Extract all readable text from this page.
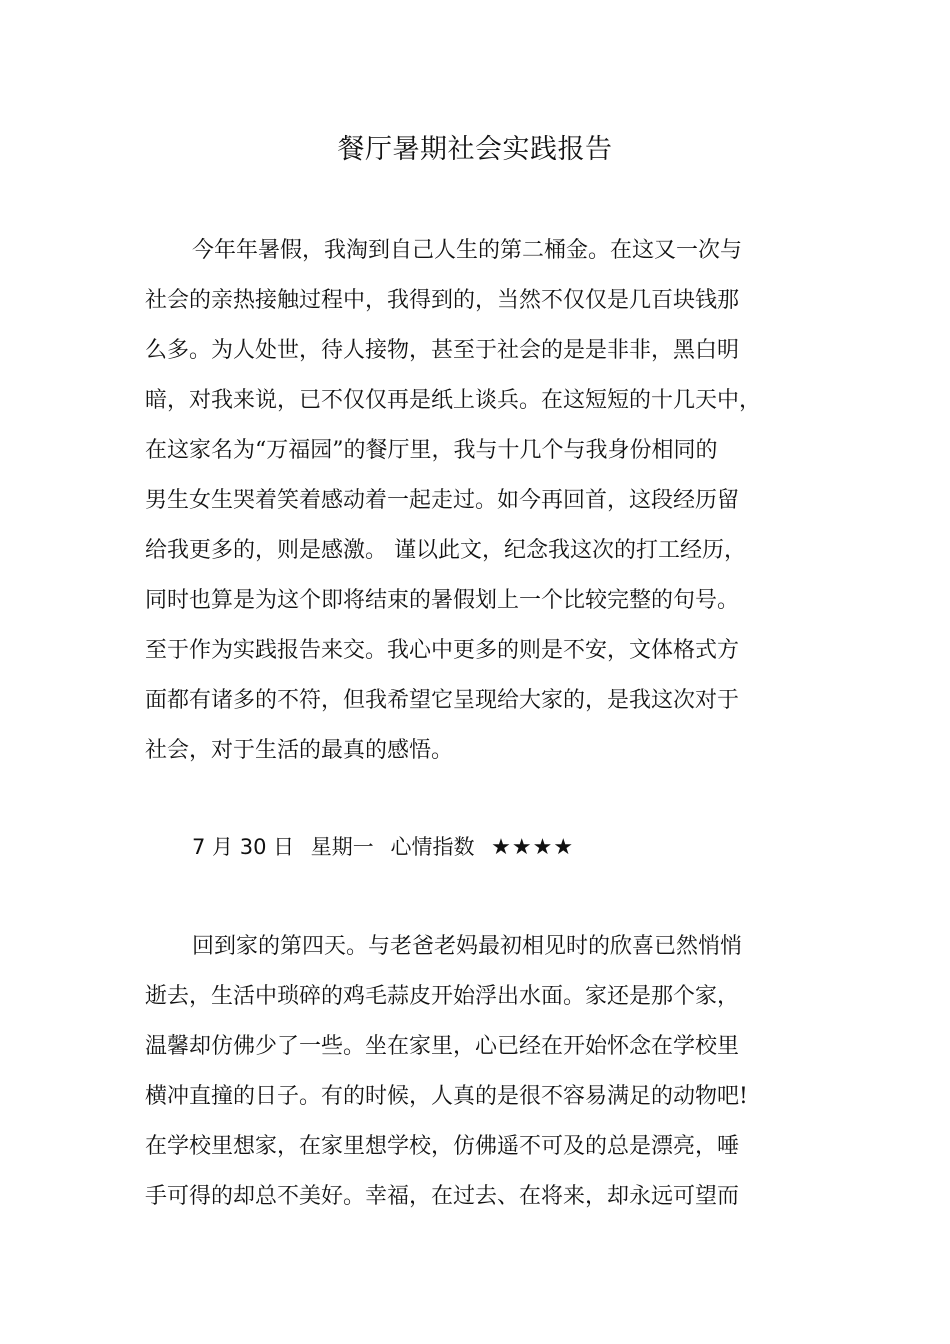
餐厅暑期社会实践报告
今年年暑假，我淘到自己人生的第二桶金。在这又一次与
社会的亲热接触过程中，我得到的，当然不仅仅是几百块钱那
么多。为人处世，待人接物，甚至于社会的是是非非，黑白明
暗，对我来说，已不仅仅再是纸上谈兵。在这短短的十几天中，
在这家名为“万福园”的餐厅里，我与十几个与我身份相同的
男生女生哭着笑着感动着一起走过。如今再回首，这段经历留
给我更多的，则是感激。 谨以此文，纪念我这次的打工经历，
同时也算是为这个即将结束的暑假划上一个比较完整的句号。
至于作为实践报告来交。我心中更多的则是不安，文体格式方
面都有诸多的不符，但我希望它呈现给大家的，是我这次对于
社会，对于生活的最真的感悟。

7 月 30 日 星期一 心情指数 ★★★★

回到家的第四天。与老爸老妈最初相见时的欣喜已然悄悄
逝去，生活中琐碎的鸡毛蒜皮开始浮出水面。家还是那个家，
温馨却仿佛少了一些。坐在家里，心已经在开始怀念在学校里
横冲直撞的日子。有的时候，人真的是很不容易满足的动物吧!
在学校里想家，在家里想学校，仿佛遥不可及的总是漂亮，唾
手可得的却总不美好。幸福，在过去、在将来，却永远可望而
